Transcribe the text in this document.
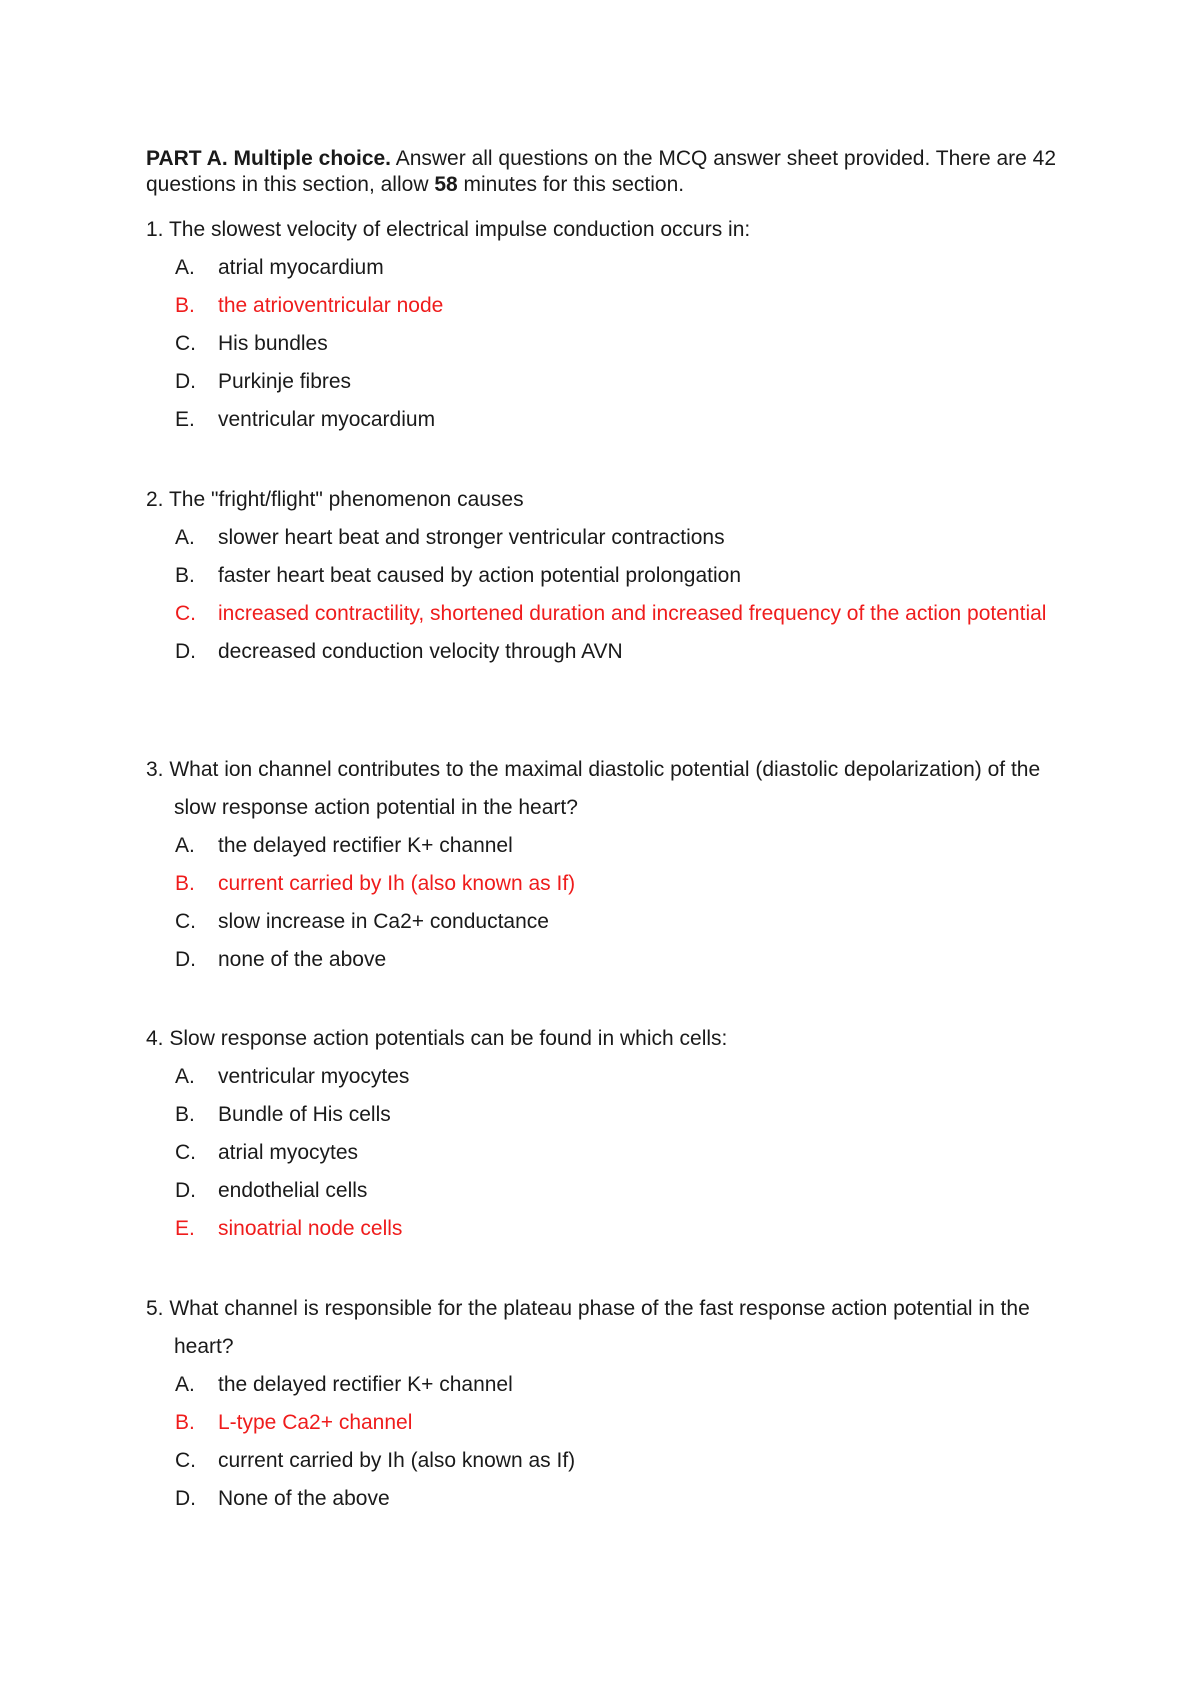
PART A. Multiple choice. Answer all questions on the MCQ answer sheet provided. There are 42 questions in this section, allow 58 minutes for this section.
1. The slowest velocity of electrical impulse conduction occurs in:
A. atrial myocardium
B. the atrioventricular node
C. His bundles
D. Purkinje fibres
E. ventricular myocardium
2. The "fright/flight" phenomenon causes
A. slower heart beat and stronger ventricular contractions
B. faster heart beat caused by action potential prolongation
C. increased contractility, shortened duration and increased frequency of the action potential
D. decreased conduction velocity through AVN
3. What ion channel contributes to the maximal diastolic potential (diastolic depolarization) of the slow response action potential in the heart?
A. the delayed rectifier K+ channel
B. current carried by Ih (also known as If)
C. slow increase in Ca2+ conductance
D. none of the above
4. Slow response action potentials can be found in which cells:
A. ventricular myocytes
B. Bundle of His cells
C. atrial myocytes
D. endothelial cells
E. sinoatrial node cells
5. What channel is responsible for the plateau phase of the fast response action potential in the heart?
A. the delayed rectifier K+ channel
B. L-type Ca2+ channel
C. current carried by Ih (also known as If)
D. None of the above
